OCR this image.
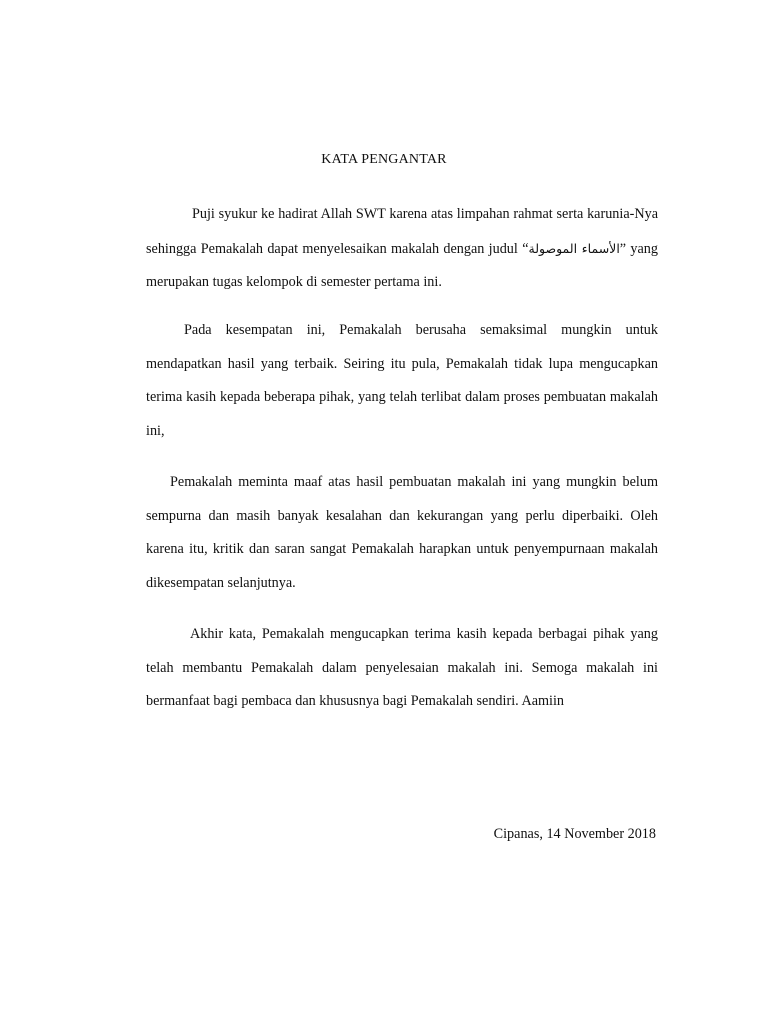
KATA PENGANTAR

Puji syukur ke hadirat Allah SWT karena atas limpahan rahmat serta karunia-Nya sehingga Pemakalah dapat menyelesaikan makalah dengan judul “الأسماء الموصولة” yang merupakan tugas kelompok di semester pertama ini.

Pada kesempatan ini, Pemakalah berusaha semaksimal mungkin untuk mendapatkan hasil yang terbaik. Seiring itu pula, Pemakalah tidak lupa mengucapkan terima kasih kepada beberapa pihak, yang telah terlibat dalam proses pembuatan makalah ini,

Pemakalah meminta maaf atas hasil pembuatan makalah ini yang mungkin belum sempurna dan masih banyak kesalahan dan kekurangan yang perlu diperbaiki. Oleh karena itu, kritik dan saran sangat Pemakalah harapkan untuk penyempurnaan makalah dikesempatan selanjutnya.

Akhir kata, Pemakalah mengucapkan terima kasih kepada berbagai pihak yang telah membantu Pemakalah dalam penyelesaian makalah ini. Semoga makalah ini bermanfaat bagi pembaca dan khususnya bagi Pemakalah sendiri. Aamiin

Cipanas, 14 November 2018
